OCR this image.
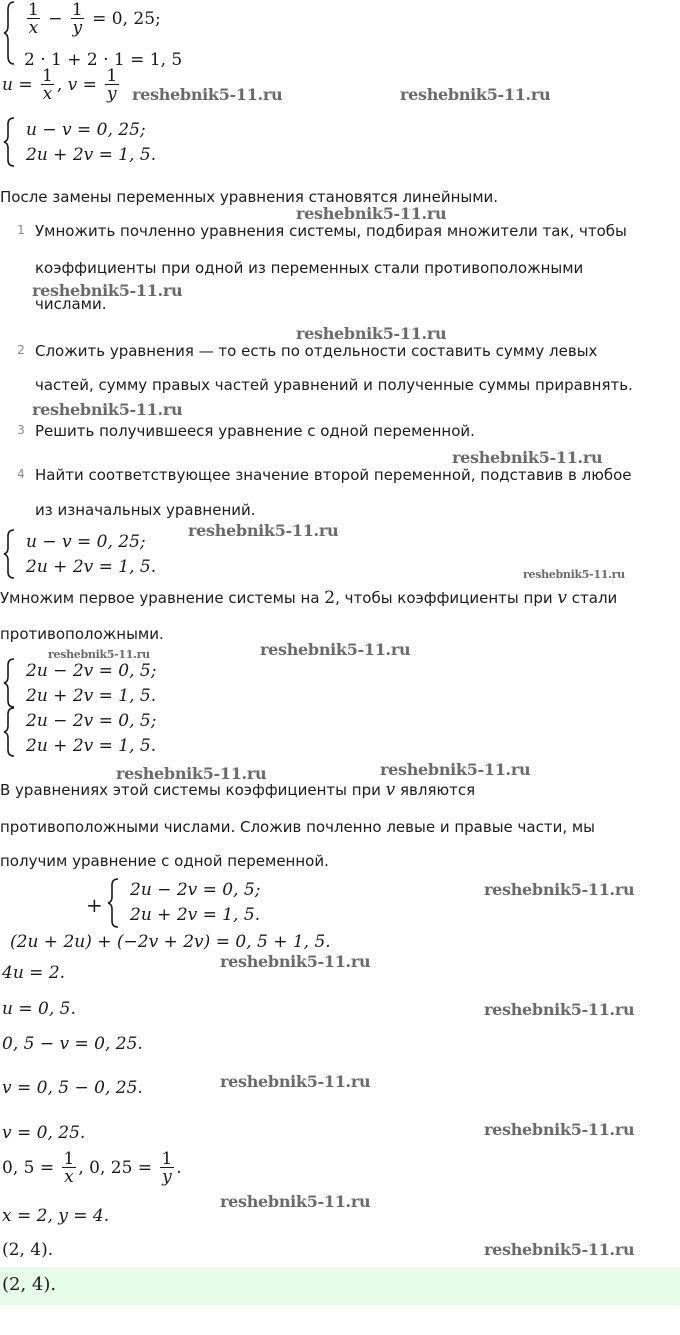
$\frac{1}{x} - \frac{1}{y} = 0$, 25;
2 · 1 + 2 · 1 = 1, 5
$u = \frac{1}{x}$ , $v = \frac{1}{y}$ reshebnik5-11.ru	reshebnik5-11.ru
u − v = 0, 25;
2u + 2v = 1, 5.
После замены переменных уравнения становятся линейными.
reshebnik5-11.ru
1 Умножить почленно уравнения системы, подбирая множители так, чтобы
коэффициенты при одной из переменных стали противоположными
reshebnik5-11.ru
числами.
reshebnik5-11.ru
2 Сложить уравнения — то есть по отдельности составить сумму левых
частей, сумму правых частей уравнений и полученные суммы приравнять.
reshebnik5-11.ru
3 Решить получившееся уравнение с одной переменной.
reshebnik5-11.ru
4 Найти соответствующее значение второй переменной, подставив в любое
из изначальных уравнений.
u − v = 0, 25;
reshebnik5-11.ru
2u + 2v = 1, 5.	reshebnik5-11.ru
Умножим первое уравнение системы на 2, чтобы коэффициенты при v стали
противоположными.
reshebnik5-11.ru	reshebnik5-11.ru
2u − 2v = 0, 5;
2u + 2v = 1, 5.
2u − 2v = 0, 5;
2u + 2v = 1, 5.
reshebnik5-11.ru	reshebnik5-11.ru
В уравнениях этой системы коэффициенты при v являются
противоположными числами. Сложив почленно левые и правые части, мы
получим уравнение с одной переменной.
+
2u − 2v = 0, 5;
2u + 2v = 1, 5.
reshebnik5-11.ru
(2u + 2u) + (−2v + 2v) = 0, 5 + 1, 5.
4u = 2.
reshebnik5-11.ru
u = 0, 5.	reshebnik5-11.ru
0, 5 − v = 0, 25.
v = 0, 5 − 0, 25.	reshebnik5-11.ru
v = 0, 25.	reshebnik5-11.ru
0, $5 = \frac{1}{x}$ , 0, $25 = \frac{1}{y}$ .
reshebnik5-11.ru
x = 2, y = 4.
(2, 4).	reshebnik5-11.ru
(2, 4).
